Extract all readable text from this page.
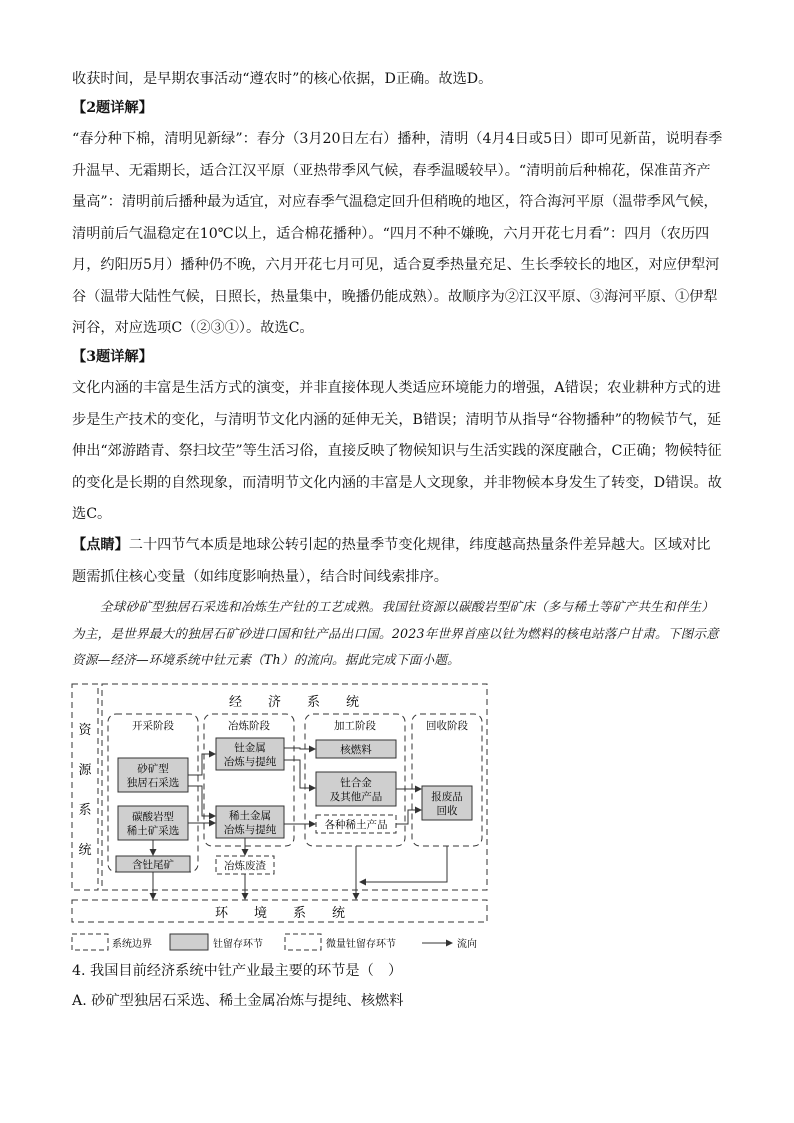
收获时间，是早期农事活动“遵农时”的核心依据，D正确。故选D。
【2题详解】
“春分种下棉，清明见新绿”：春分（3月20日左右）播种，清明（4月4日或5日）即可见新苗，说明春季升温早、无霜期长，适合江汉平原（亚热带季风气候，春季温暖较早）。“清明前后种棉花，保准苗齐产量高”：清明前后播种最为适宜，对应春季气温稳定回升但稍晚的地区，符合海河平原（温带季风气候，清明前后气温稳定在10℃以上，适合棉花播种）。“四月不种不嫌晚，六月开花七月看”：四月（农历四月，约阳历5月）播种仍不晚，六月开花七月可见，适合夏季热量充足、生长季较长的地区，对应伊犁河谷（温带大陆性气候，日照长，热量集中，晚播仍能成熟）。故顺序为②江汉平原、③海河平原、①伊犁河谷，对应选项C（②③①）。故选C。
【3题详解】
文化内涵的丰富是生活方式的演变，并非直接体现人类适应环境能力的增强，A错误；农业耕种方式的进步是生产技术的变化，与清明节文化内涵的延伸无关，B错误；清明节从指导“谷物播种”的物候节气，延伸出“郊游踏青、祭扫坟茔”等生活习俗，直接反映了物候知识与生活实践的深度融合，C正确；物候特征的变化是长期的自然现象，而清明节文化内涵的丰富是人文现象，并非物候本身发生了转变，D错误。故选C。
【点睛】二十四节气本质是地球公转引起的热量季节变化规律，纬度越高热量条件差异越大。区域对比题需抓住核心变量（如纬度影响热量），结合时间线索排序。
全球砂矿型独居石采选和冶炼生产钍的工艺成熟。我国钍资源以碳酸岩型矿床（多与稀土等矿产共生和伴生）为主，是世界最大的独居石矿砂进口国和钍产品出口国。2023年世界首座以钍为燃料的核电站落户甘肃。下图示意资源—经济—环境系统中钍元素（Th）的流向。据此完成下面小题。
经　　济　　系　　统
资
源
系
统
环　　境　　系　　统
开采阶段	冶炼阶段	加工阶段	回收阶段
砂矿型
独居石采选
碳酸岩型
稀土矿采选
含钍尾矿
钍金属
冶炼与提纯
稀土金属
冶炼与提纯
冶炼废渣
核燃料
钍合金
及其他产品
各种稀土产品
报废品
回收
系统边界	钍留存环节	微量钍留存环节	流向
4. 我国目前经济系统中钍产业最主要的环节是（　）
A. 砂矿型独居石采选、稀土金属冶炼与提纯、核燃料
